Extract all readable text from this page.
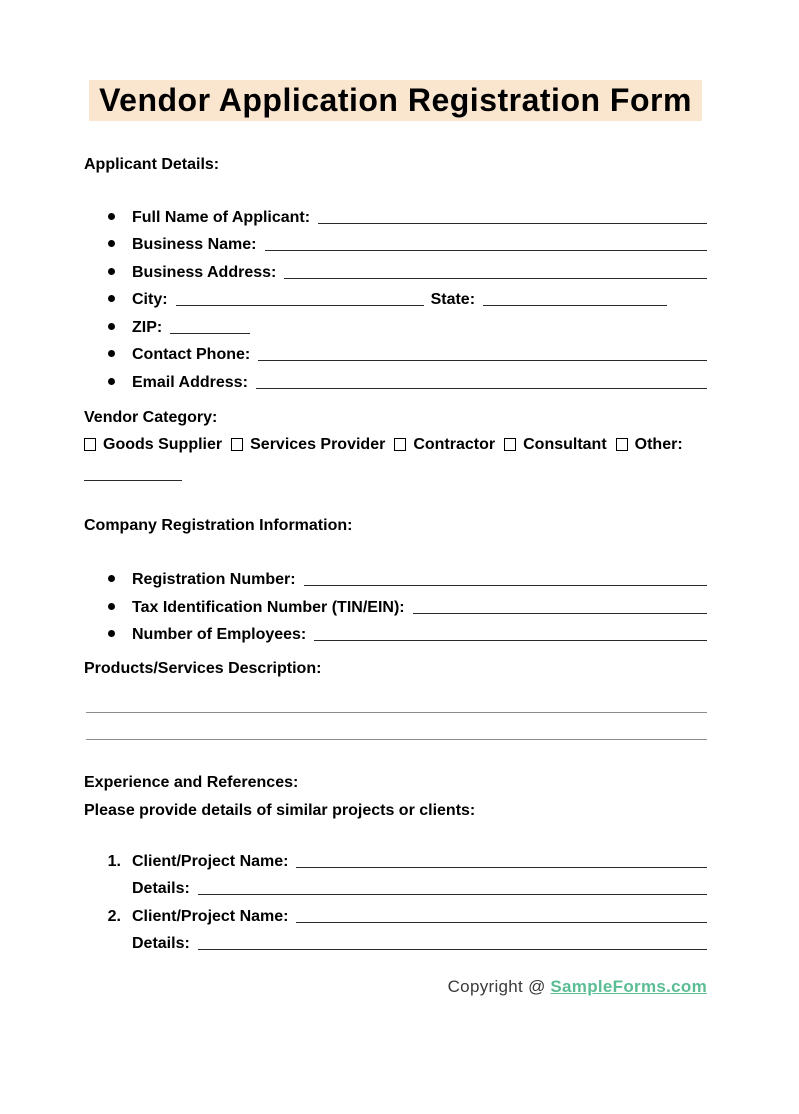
Vendor Application Registration Form
Applicant Details:
Full Name of Applicant:
Business Name:
Business Address:
City:	State:
ZIP:
Contact Phone:
Email Address:
Vendor Category:
Goods Supplier Services Provider Contractor Consultant Other:
Company Registration Information:
Registration Number:
Tax Identification Number (TIN/EIN):
Number of Employees:
Products/Services Description:
Experience and References:
Please provide details of similar projects or clients:
1. Client/Project Name:
Details:
2. Client/Project Name:
Details:
Copyright @ SampleForms.com
